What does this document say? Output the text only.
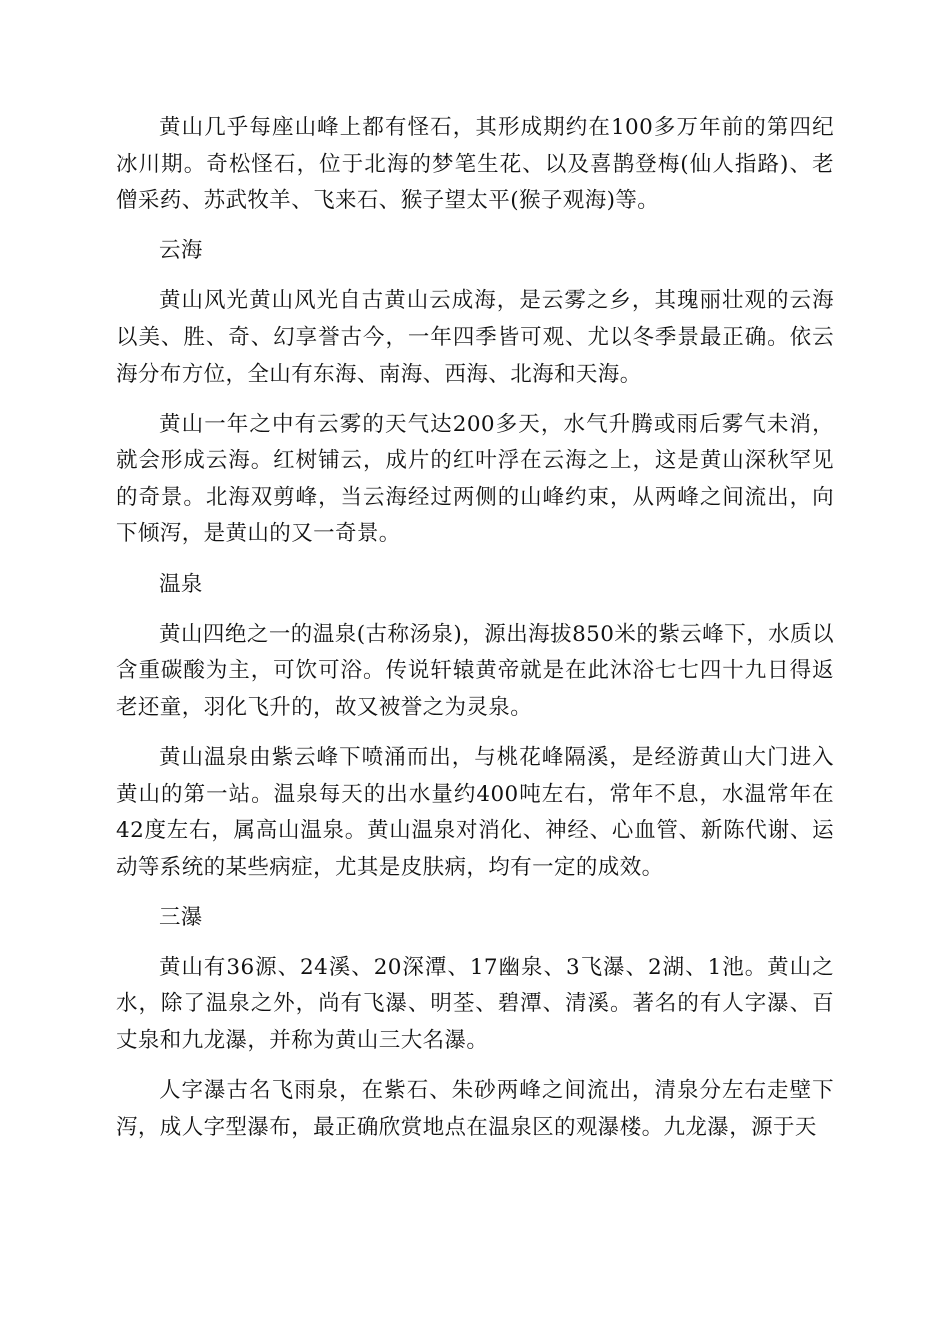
黄山几乎每座山峰上都有怪石，其形成期约在100多万年前的第四纪冰川期。奇松怪石，位于北海的梦笔生花、以及喜鹊登梅(仙人指路)、老僧采药、苏武牧羊、飞来石、猴子望太平(猴子观海)等。

云海

黄山风光黄山风光自古黄山云成海，是云雾之乡，其瑰丽壮观的云海以美、胜、奇、幻享誉古今，一年四季皆可观、尤以冬季景最正确。依云海分布方位，全山有东海、南海、西海、北海和天海。

黄山一年之中有云雾的天气达200多天，水气升腾或雨后雾气未消，就会形成云海。红树铺云，成片的红叶浮在云海之上，这是黄山深秋罕见的奇景。北海双剪峰，当云海经过两侧的山峰约束，从两峰之间流出，向下倾泻，是黄山的又一奇景。

温泉

黄山四绝之一的温泉(古称汤泉)，源出海拔850米的紫云峰下，水质以含重碳酸为主，可饮可浴。传说轩辕黄帝就是在此沐浴七七四十九日得返老还童，羽化飞升的，故又被誉之为灵泉。

黄山温泉由紫云峰下喷涌而出，与桃花峰隔溪，是经游黄山大门进入黄山的第一站。温泉每天的出水量约400吨左右，常年不息，水温常年在42度左右，属高山温泉。黄山温泉对消化、神经、心血管、新陈代谢、运动等系统的某些病症，尤其是皮肤病，均有一定的成效。

三瀑

黄山有36源、24溪、20深潭、17幽泉、3飞瀑、2湖、1池。黄山之水，除了温泉之外，尚有飞瀑、明荃、碧潭、清溪。著名的有人字瀑、百丈泉和九龙瀑，并称为黄山三大名瀑。

人字瀑古名飞雨泉，在紫石、朱砂两峰之间流出，清泉分左右走壁下泻，成人字型瀑布，最正确欣赏地点在温泉区的观瀑楼。九龙瀑，源于天
